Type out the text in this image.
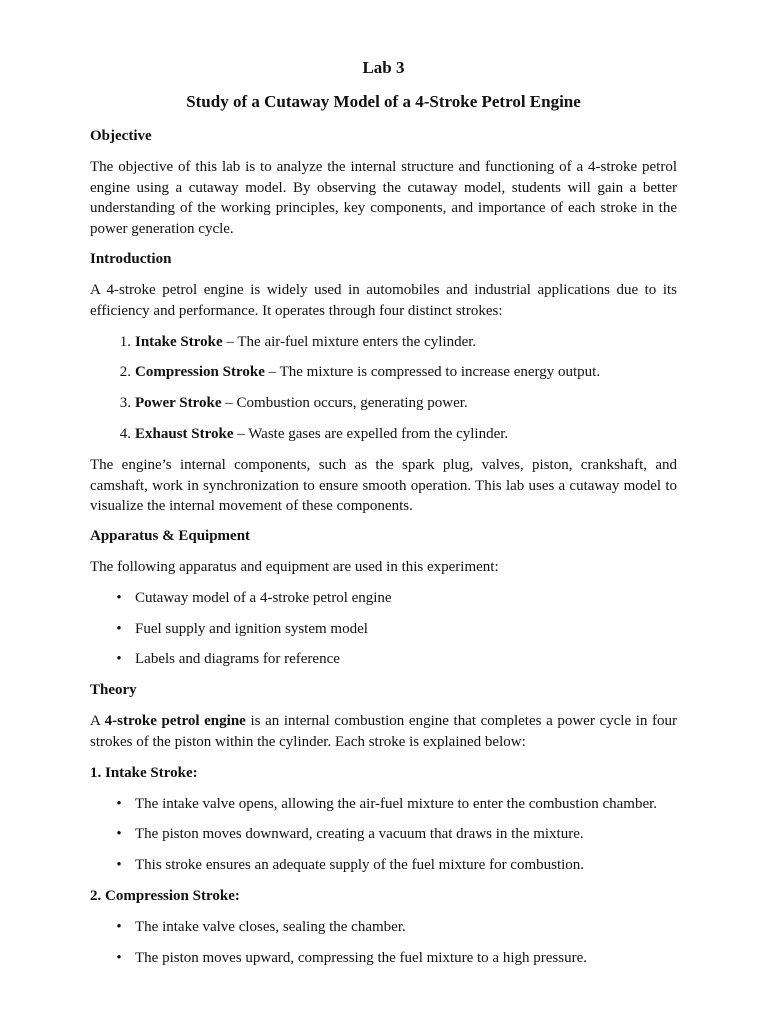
Lab 3

Study of a Cutaway Model of a 4-Stroke Petrol Engine

Objective

The objective of this lab is to analyze the internal structure and functioning of a 4-stroke petrol engine using a cutaway model. By observing the cutaway model, students will gain a better understanding of the working principles, key components, and importance of each stroke in the power generation cycle.

Introduction

A 4-stroke petrol engine is widely used in automobiles and industrial applications due to its efficiency and performance. It operates through four distinct strokes:

1. Intake Stroke – The air-fuel mixture enters the cylinder.

2. Compression Stroke – The mixture is compressed to increase energy output.

3. Power Stroke – Combustion occurs, generating power.

4. Exhaust Stroke – Waste gases are expelled from the cylinder.

The engine’s internal components, such as the spark plug, valves, piston, crankshaft, and camshaft, work in synchronization to ensure smooth operation. This lab uses a cutaway model to visualize the internal movement of these components.

Apparatus & Equipment

The following apparatus and equipment are used in this experiment:

• Cutaway model of a 4-stroke petrol engine

• Fuel supply and ignition system model

• Labels and diagrams for reference

Theory

A 4-stroke petrol engine is an internal combustion engine that completes a power cycle in four strokes of the piston within the cylinder. Each stroke is explained below:

1. Intake Stroke:

• The intake valve opens, allowing the air-fuel mixture to enter the combustion chamber.

• The piston moves downward, creating a vacuum that draws in the mixture.

• This stroke ensures an adequate supply of the fuel mixture for combustion.

2. Compression Stroke:

• The intake valve closes, sealing the chamber.

• The piston moves upward, compressing the fuel mixture to a high pressure.
